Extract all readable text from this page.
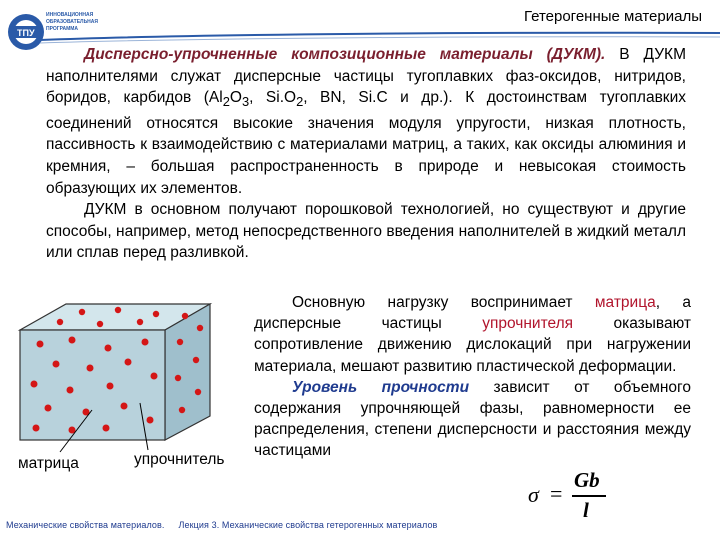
ТПУ
ИННОВАЦИОННАЯ
ОБРАЗОВАТЕЛЬНАЯ
ПРОГРАММА
Гетерогенные материалы
Дисперсно-упрочненные композиционные материалы (ДУКМ). В ДУКМ наполнителями служат дисперсные частицы тугоплавких фаз-оксидов, нитридов, боридов, карбидов ($Al_2O_3$, $Si.O_2$, BN, Si.C и др.). К достоинствам тугоплавких соединений относятся высокие значения модуля упругости, низкая плотность, пассивность к взаимодействию с материалами матриц, а таких, как оксиды алюминия и кремния, – большая распространенность в природе и невысокая стоимость образующих их элементов.
ДУКМ в основном получают порошковой технологией, но существуют и другие способы, например, метод непосредственного введения наполнителей в жидкий металл или сплав перед разливкой.
матрица	упрочнитель
Основную нагрузку воспринимает матрица, а дисперсные частицы упрочнителя оказывают сопротивление движению дислокаций при нагружении материала, мешают развитию пластической деформации.
Уровень прочности зависит от объемного содержания упрочняющей фазы, равномерности ее распределения, степени дисперсности и расстояния между частицами
σ =
Gb
l
Механические свойства материалов. Лекция 3. Механические свойства гетерогенных материалов
